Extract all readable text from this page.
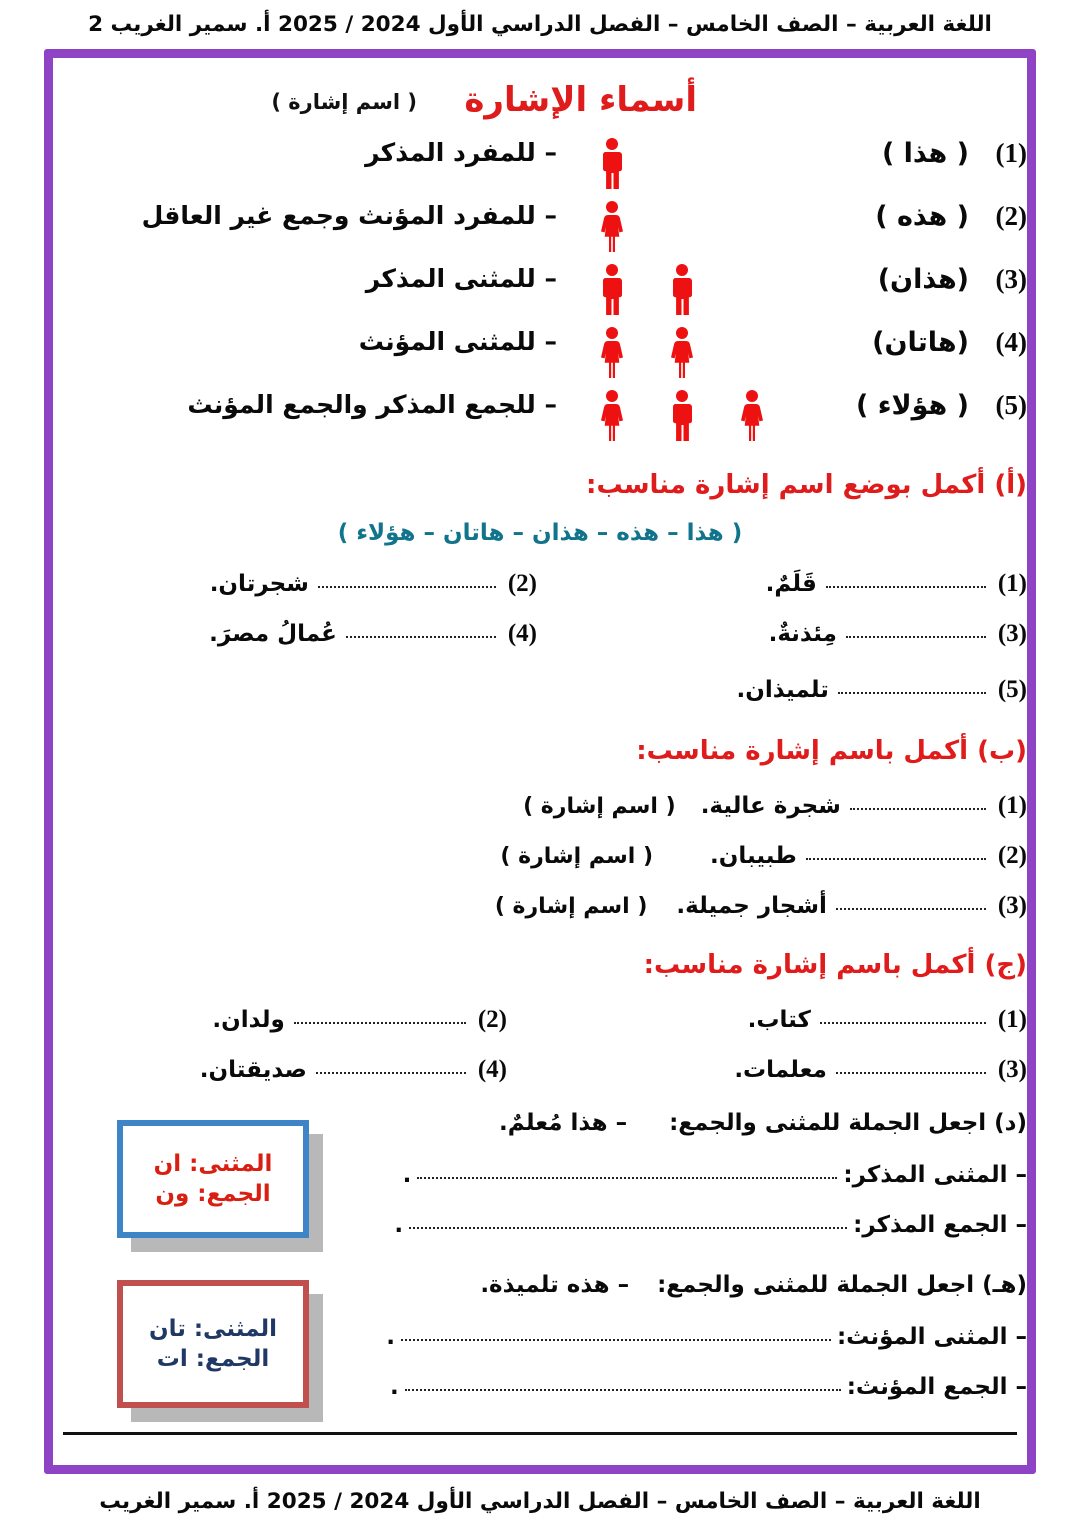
اللغة العربية – الصف الخامس – الفصل الدراسي الأول 2024 / 2025 أ. سمير الغريب 2
أسماء الإشارة
( اسم إشارة )
(1)( هذا )
– للمفرد المذكر
(2)( هذه )
– للمفرد المؤنث وجمع غير العاقل
(3)(هذان)
– للمثنى المذكر
(4)(هاتان)
– للمثنى المؤنث
(5)( هؤلاء )
– للجمع المذكر والجمع المؤنث
(أ) أكمل بوضع اسم إشارة مناسب:
( هذا – هذه – هذان – هاتان – هؤلاء )
(1)
قَلَمٌ.
(2)
شجرتان.
(3)
مِئذنةٌ.
(4)
عُمالُ مصرَ.
(5)
تلميذان.
(ب) أكمل باسم إشارة مناسب:
(1)
شجرة عالية.
( اسم إشارة )
(2)
طبيبان.
( اسم إشارة )
(3)
أشجار جميلة.
( اسم إشارة )
(ج) أكمل باسم إشارة مناسب:
(1)
كتاب.
(2)
ولدان.
(3)
معلمات.
(4)
صديقتان.
(د) اجعل الجملة للمثنى والجمع: – هذا مُعلمٌ.
– المثنى المذكر:
.
– الجمع المذكر:
.
المثنى: ان
الجمع: ون
(هـ) اجعل الجملة للمثنى والجمع: – هذه تلميذة.
– المثنى المؤنث:
.
– الجمع المؤنث:
.
المثنى: تان
الجمع: ات
اللغة العربية – الصف الخامس – الفصل الدراسي الأول 2024 / 2025 أ. سمير الغريب
